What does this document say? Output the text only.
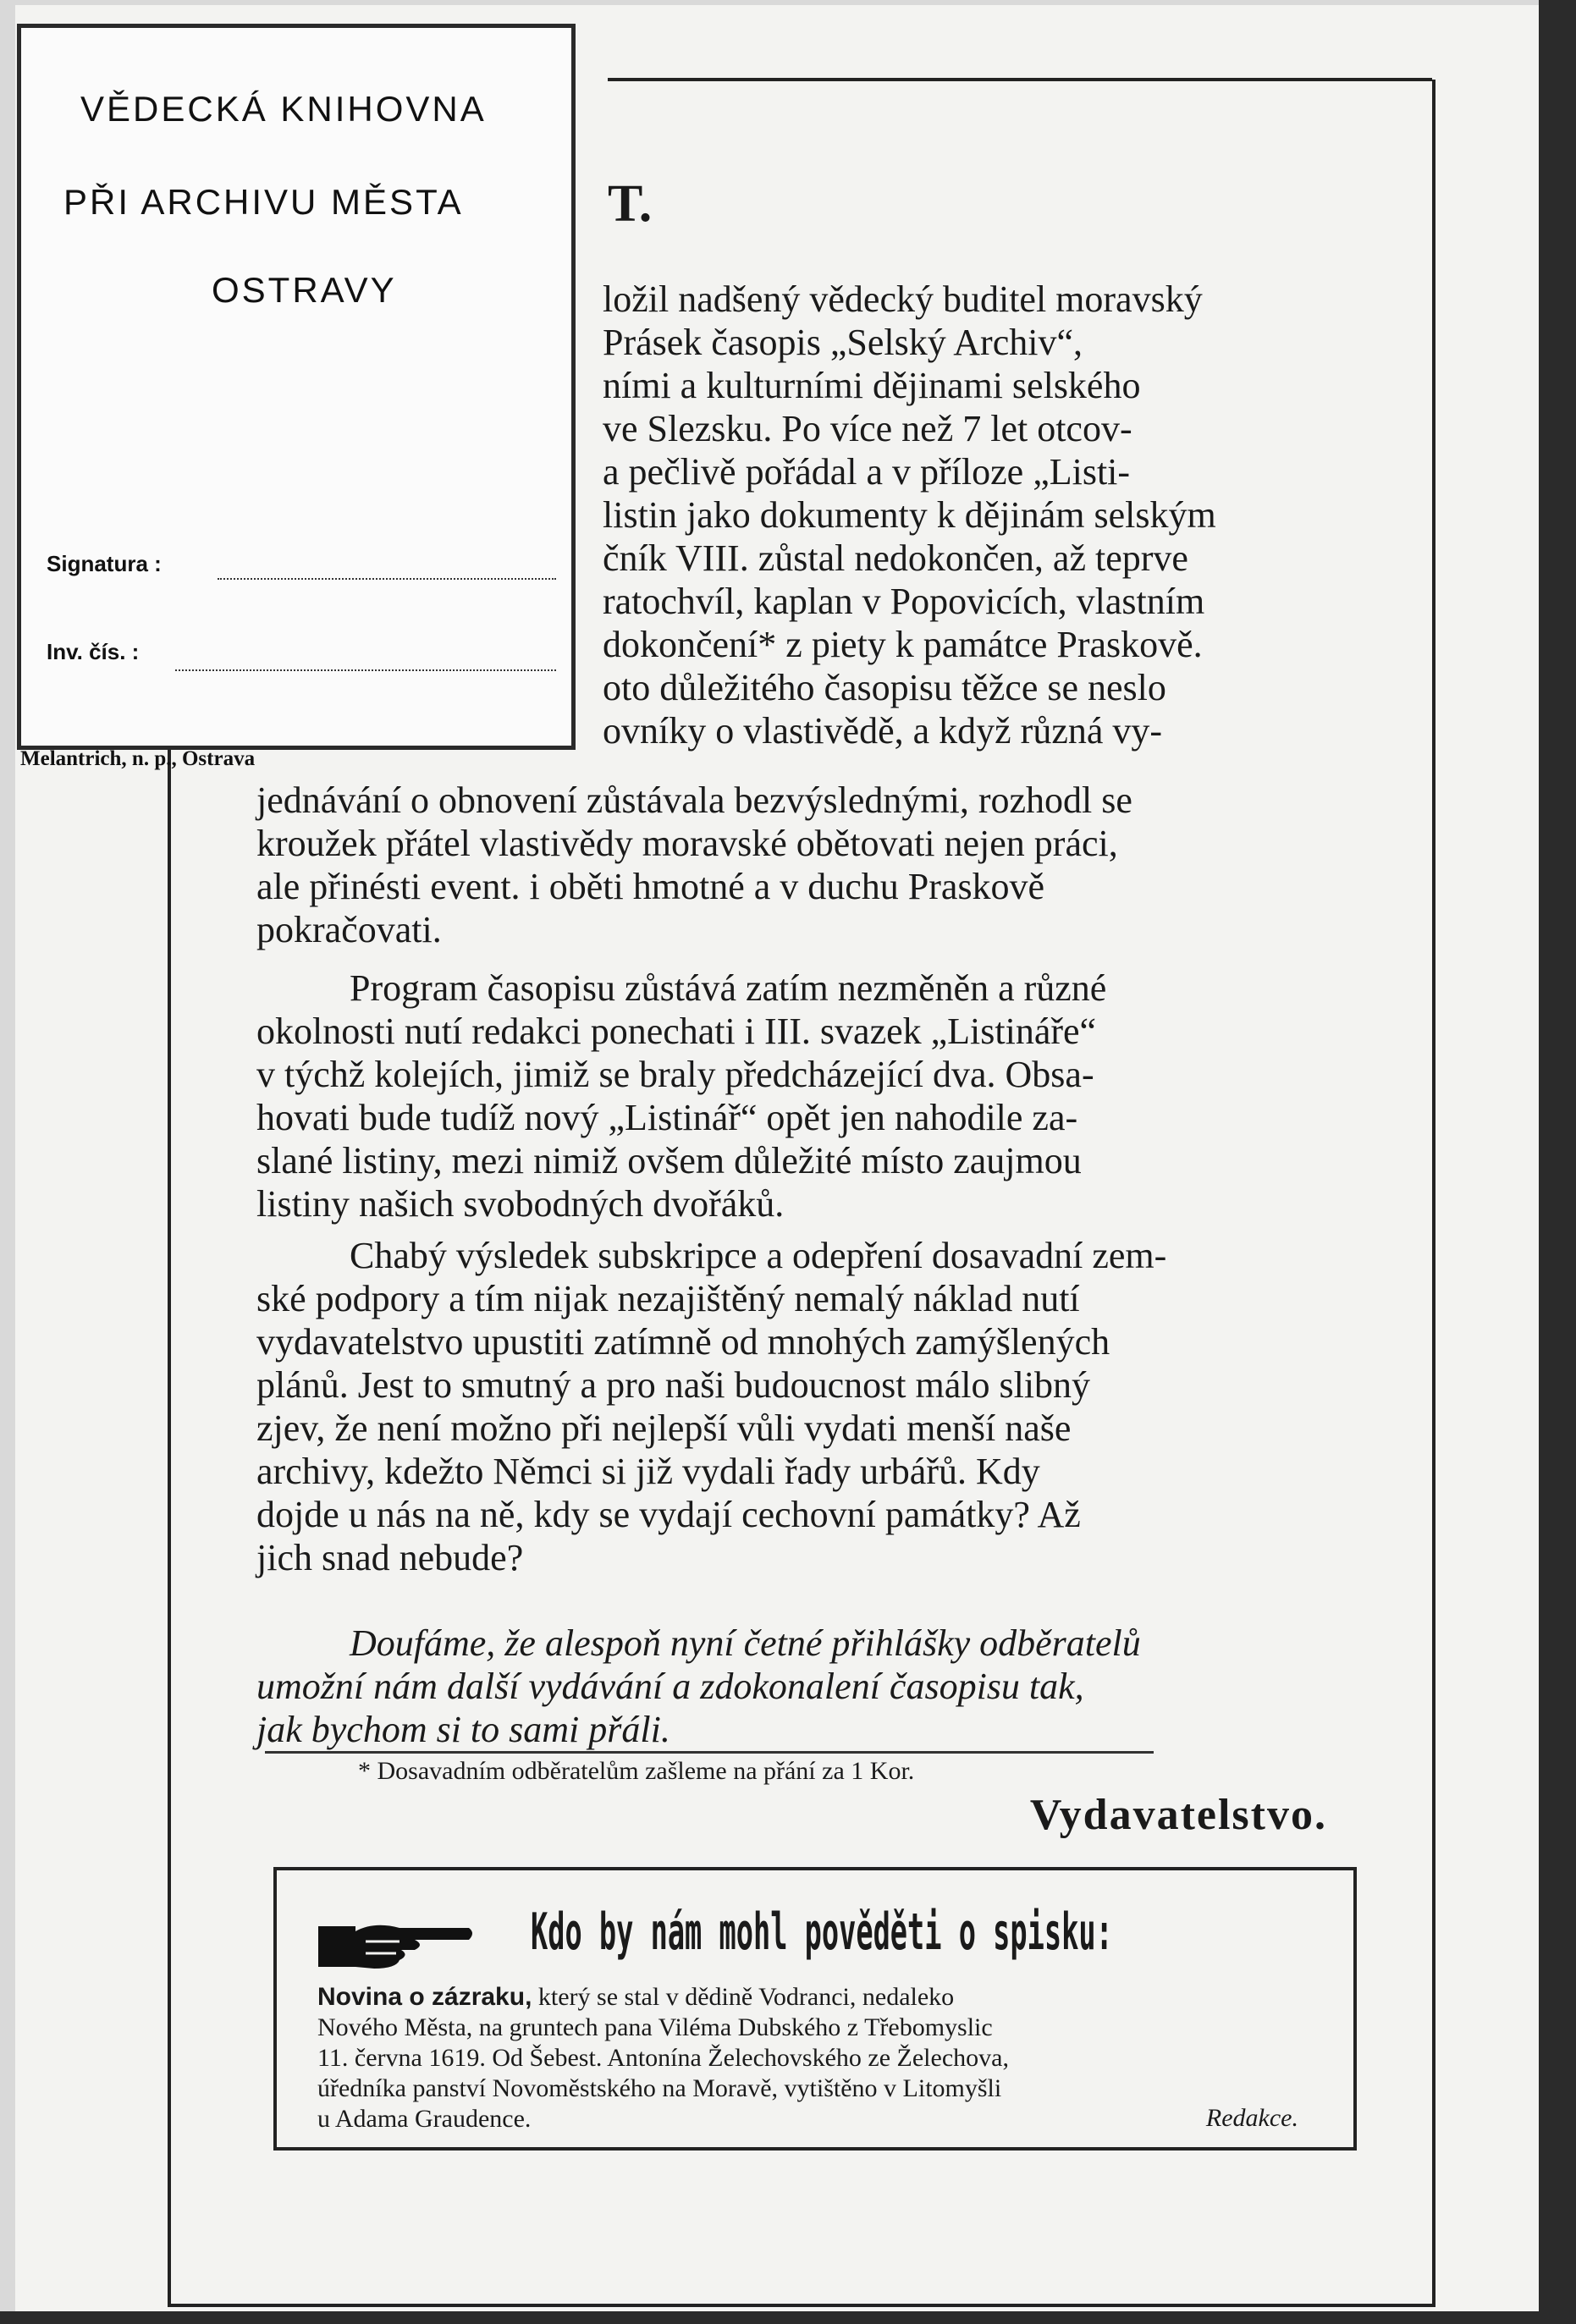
VĚDECKÁ KNIHOVNA
PŘI ARCHIVU MĚSTA
OSTRAVY
Signatura :
Inv. čís. :
Melantrich, n. p., Ostrava
T.

ložil nadšený vědecký buditel moravský

Prásek časopis „Selský Archiv“,

ními a kulturními dějinami selského

ve Slezsku. Po více než 7 let otcov-

a pečlivě pořádal a v příloze „Listi-

listin jako dokumenty k dějinám selským

čník VIII. zůstal nedokončen, až teprve

ratochvíl, kaplan v Popovicích, vlastním

dokončení* z piety k památce Praskově.

oto důležitého časopisu těžce se neslo

ovníky o vlastivědě, a když různá vy-

jednávání o obnovení zůstávala bezvýslednými, rozhodl se

kroužek přátel vlastivědy moravské obětovati nejen práci,

ale přinésti event. i oběti hmotné a v duchu Praskově

pokračovati.

Program časopisu zůstává zatím nezměněn a různé

okolnosti nutí redakci ponechati i III. svazek „Listináře“

v týchž kolejích, jimiž se braly předcházející dva. Obsa-

hovati bude tudíž nový „Listinář“ opět jen nahodile za-

slané listiny, mezi nimiž ovšem důležité místo zaujmou

listiny našich svobodných dvořáků.

Chabý výsledek subskripce a odepření dosavadní zem-

ské podpory a tím nijak nezajištěný nemalý náklad nutí

vydavatelstvo upustiti zatímně od mnohých zamýšlených

plánů. Jest to smutný a pro naši budoucnost málo slibný

zjev, že není možno při nejlepší vůli vydati menší naše

archivy, kdežto Němci si již vydali řady urbářů. Kdy

dojde u nás na ně, kdy se vydají cechovní památky? Až

jich snad nebude?

Doufáme, že alespoň nyní četné přihlášky odběratelů

umožní nám další vydávání a zdokonalení časopisu tak,

jak bychom si to sami přáli.

* Dosavadním odběratelům zašleme na přání za 1 Kor.
Vydavatelstvo.
Kdo by nám mohl pověděti o spisku:
Novina o zázraku, který se stal v dědině Vodranci, nedaleko
Nového Města, na gruntech pana Viléma Dubského z Třebomyslic
11. června 1619. Od Šebest. Antonína Želechovského ze Želechova,
úředníka panství Novoměstského na Moravě, vytištěno v Litomyšli
u Adama Graudence.	Redakce.
